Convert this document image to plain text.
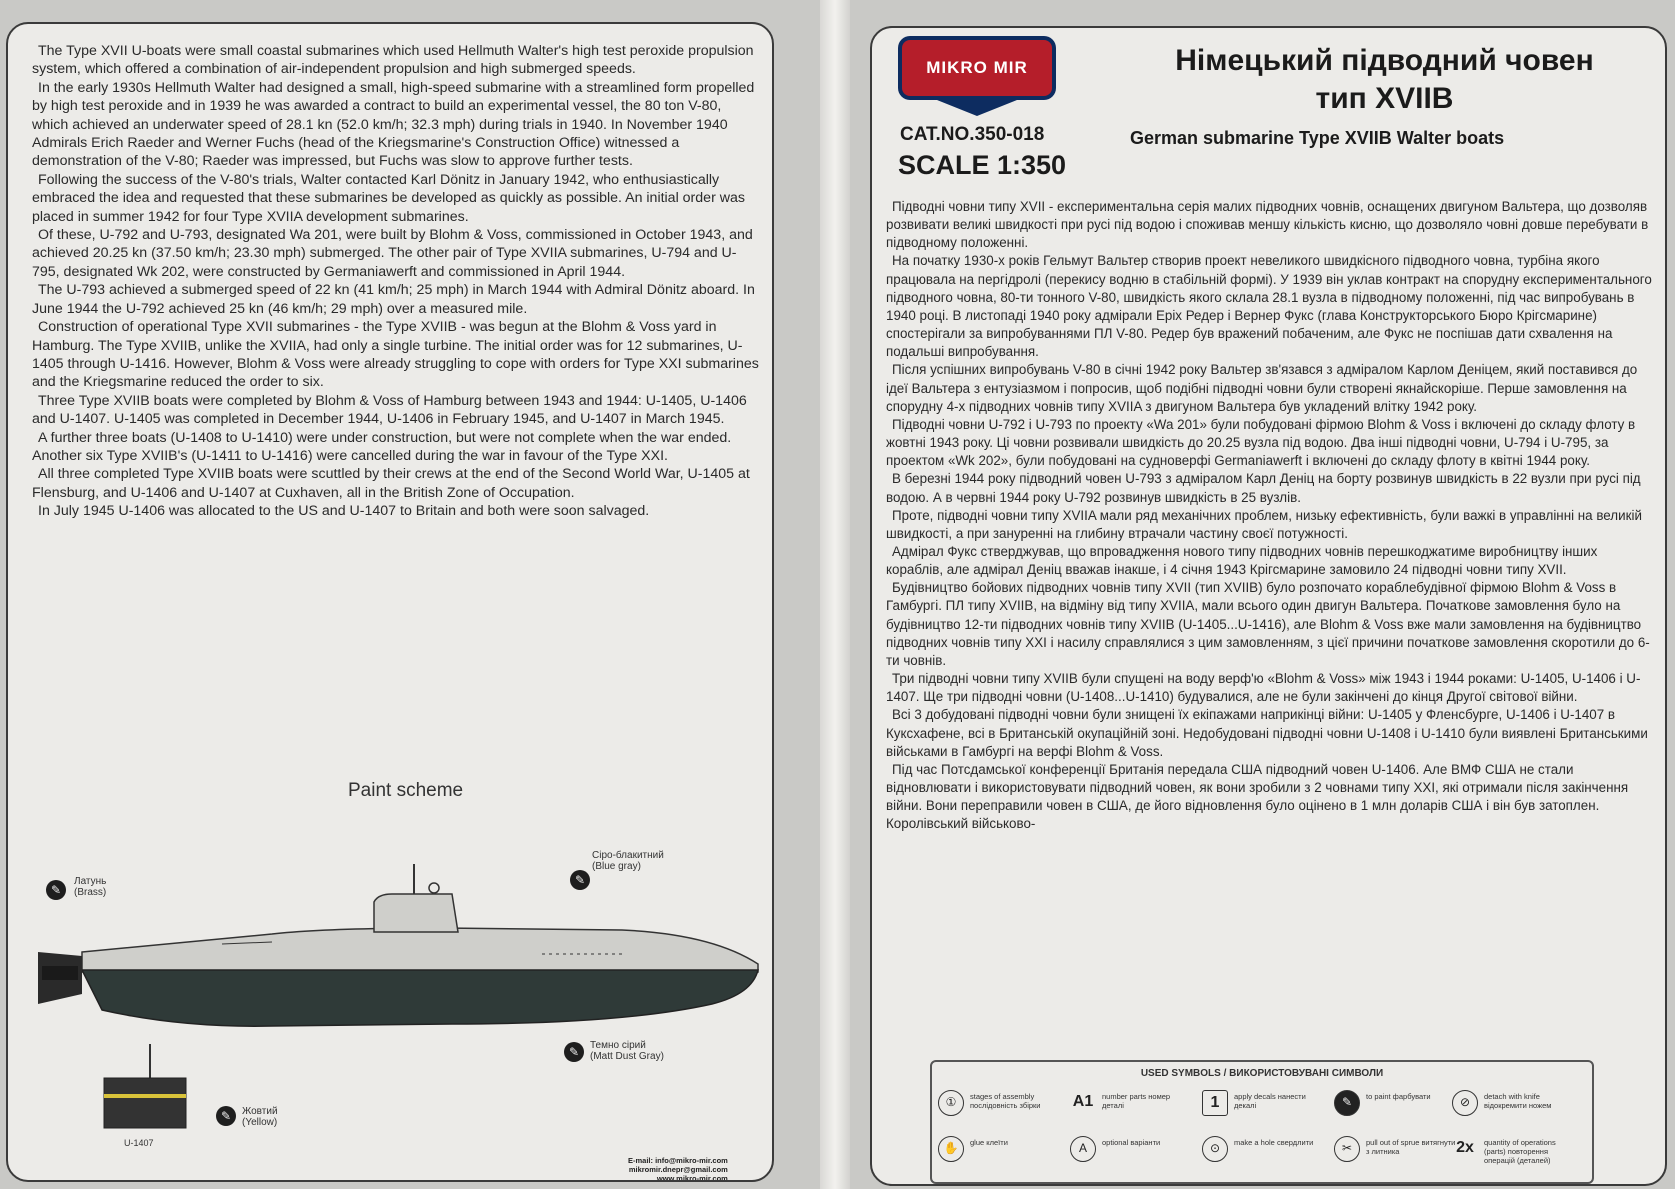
The Type XVII U-boats were small coastal submarines which used Hellmuth Walter's high test peroxide propulsion system, which offered a combination of air-independent propulsion and high submerged speeds.

In the early 1930s Hellmuth Walter had designed a small, high-speed submarine with a streamlined form propelled by high test peroxide and in 1939 he was awarded a contract to build an experimental vessel, the 80 ton V-80, which achieved an underwater speed of 28.1 kn (52.0 km/h; 32.3 mph) during trials in 1940. In November 1940 Admirals Erich Raeder and Werner Fuchs (head of the Kriegsmarine's Construction Office) witnessed a demonstration of the V-80; Raeder was impressed, but Fuchs was slow to approve further tests.

Following the success of the V-80's trials, Walter contacted Karl Dönitz in January 1942, who enthusiastically embraced the idea and requested that these submarines be developed as quickly as possible. An initial order was placed in summer 1942 for four Type XVIIA development submarines.

Of these, U-792 and U-793, designated Wa 201, were built by Blohm & Voss, commissioned in October 1943, and achieved 20.25 kn (37.50 km/h; 23.30 mph) submerged. The other pair of Type XVIIA submarines, U-794 and U-795, designated Wk 202, were constructed by Germaniawerft and commissioned in April 1944.

The U-793 achieved a submerged speed of 22 kn (41 km/h; 25 mph) in March 1944 with Admiral Dönitz aboard. In June 1944 the U-792 achieved 25 kn (46 km/h; 29 mph) over a measured mile.

Construction of operational Type XVII submarines - the Type XVIIB - was begun at the Blohm & Voss yard in Hamburg. The Type XVIIB, unlike the XVIIA, had only a single turbine. The initial order was for 12 submarines, U-1405 through U-1416. However, Blohm & Voss were already struggling to cope with orders for Type XXI submarines and the Kriegsmarine reduced the order to six.

Three Type XVIIB boats were completed by Blohm & Voss of Hamburg between 1943 and 1944: U-1405, U-1406 and U-1407. U-1405 was completed in December 1944, U-1406 in February 1945, and U-1407 in March 1945.

A further three boats (U-1408 to U-1410) were under construction, but were not complete when the war ended. Another six Type XVIIB's (U-1411 to U-1416) were cancelled during the war in favour of the Type XXI.

All three completed Type XVIIB boats were scuttled by their crews at the end of the Second World War, U-1405 at Flensburg, and U-1406 and U-1407 at Cuxhaven, all in the British Zone of Occupation.

In July 1945 U-1406 was allocated to the US and U-1407 to Britain and both were soon salvaged.

Paint scheme
✎
Латунь
(Brass)
✎
Сіро-блакитний
(Blue gray)
✎	Темно сірий
(Matt Dust Gray)
U-1407
✎	Жовтий
(Yellow)
E-mail: info@mikro-mir.com
mikromir.dnepr@gmail.com
www.mikro-mir.com
MIKRO MIR	Німецький підводний човен
тип XVIIB
CAT.NO.350-018
SCALE 1:350
German submarine Type XVIIB Walter boats

Підводні човни типу XVII - експериментальна серія малих підводних човнів, оснащених двигуном Вальтера, що дозволяв розвивати великі швидкості при русі під водою і споживав меншу кількість кисню, що дозволяло човні довше перебувати в підводному положенні.

На початку 1930-х років Гельмут Вальтер створив проект невеликого швидкісного підводного човна, турбіна якого працювала на пергідролі (перекису водню в стабільній формі). У 1939 він уклав контракт на спорудну експериментального підводного човна, 80-ти тонного V-80, швидкість якого склала 28.1 вузла в підводному положенні, під час випробувань в 1940 році. В листопаді 1940 року адмірали Еріх Редер і Вернер Фукс (глава Конструкторського Бюро Крігсмарине) спостерігали за випробуваннями ПЛ V-80. Редер був вражений побаченим, але Фукс не поспішав дати схвалення на подальші випробування.

Після успішних випробувань V-80 в січні 1942 року Вальтер зв'язався з адміралом Карлом Деніцем, який поставився до ідеї Вальтера з ентузіазмом і попросив, щоб подібні підводні човни були створені якнайскоріше. Перше замовлення на спорудну 4-х підводних човнів типу XVIIA з двигуном Вальтера був укладений влітку 1942 року.

Підводні човни U-792 і U-793 по проекту «Wa 201» були побудовані фірмою Blohm & Voss і включені до складу флоту в жовтні 1943 року. Ці човни розвивали швидкість до 20.25 вузла під водою. Два інші підводні човни, U-794 і U-795, за проектом «Wk 202», були побудовані на судноверфі Germaniawerft і включені до складу флоту в квітні 1944 року.

В березні 1944 року підводний човен U-793 з адміралом Карл Деніц на борту розвинув швидкість в 22 вузли при русі під водою. А в червні 1944 року U-792 розвинув швидкість в 25 вузлів.

Проте, підводні човни типу XVIIA мали ряд механічних проблем, низьку ефективність, були важкі в управлінні на великій швидкості, а при зануренні на глибину втрачали частину своєї потужності.

Адмірал Фукс стверджував, що впровадження нового типу підводних човнів перешкоджатиме виробництву інших кораблів, але адмірал Деніц вважав інакше, і 4 січня 1943 Крігсмарине замовило 24 підводні човни типу XVII.

Будівництво бойових підводних човнів типу XVII (тип XVIIB) було розпочато кораблебудівної фірмою Blohm & Voss в Гамбургі. ПЛ типу XVIIB, на відміну від типу XVIIA, мали всього один двигун Вальтера. Початкове замовлення було на будівництво 12-ти підводних човнів типу XVIIB (U-1405...U-1416), але Blohm & Voss вже мали замовлення на будівництво підводних човнів типу XXI і насилу справлялися з цим замовленням, з цієї причини початкове замовлення скоротили до 6-ти човнів.

Три підводні човни типу XVIIB були спущені на воду верф'ю «Blohm & Voss» між 1943 і 1944 роками: U-1405, U-1406 і U-1407. Ще три підводні човни (U-1408...U-1410) будувалися, але не були закінчені до кінця Другої світової війни.

Всі 3 добудовані підводні човни були знищені їх екіпажами наприкінці війни: U-1405 у Фленсбурге, U-1406 і U-1407 в Куксхафене, всі в Британській окупаційній зоні. Недобудовані підводні човни U-1408 і U-1410 були виявлені Британськими військами в Гамбургі на верфі Blohm & Voss.

Під час Потсдамської конференції Британія передала США підводний човен U-1406. Але ВМФ США не стали відновлювати і використовувати підводний човен, як вони зробили з 2 човнами типу XXI, які отримали після закінчення війни. Вони переправили човен в США, де його відновлення було оцінено в 1 млн доларів США і він був затоплен. Королівський військово-

USED SYMBOLS / ВИКОРИСТОВУВАНІ СИМВОЛИ
①	stages of assembly послідовність збірки	A1	number parts номер деталі	1	apply decals нанести декалі	✎	to paint фарбувати	⊘	detach with knife відокремити ножем
✋	glue клеїти	A	optional варіанти	⊙	make a hole свердлити	✂	pull out of sprue витягнути з литника	2x	quantity of operations (parts) повторення операцій (деталей)
